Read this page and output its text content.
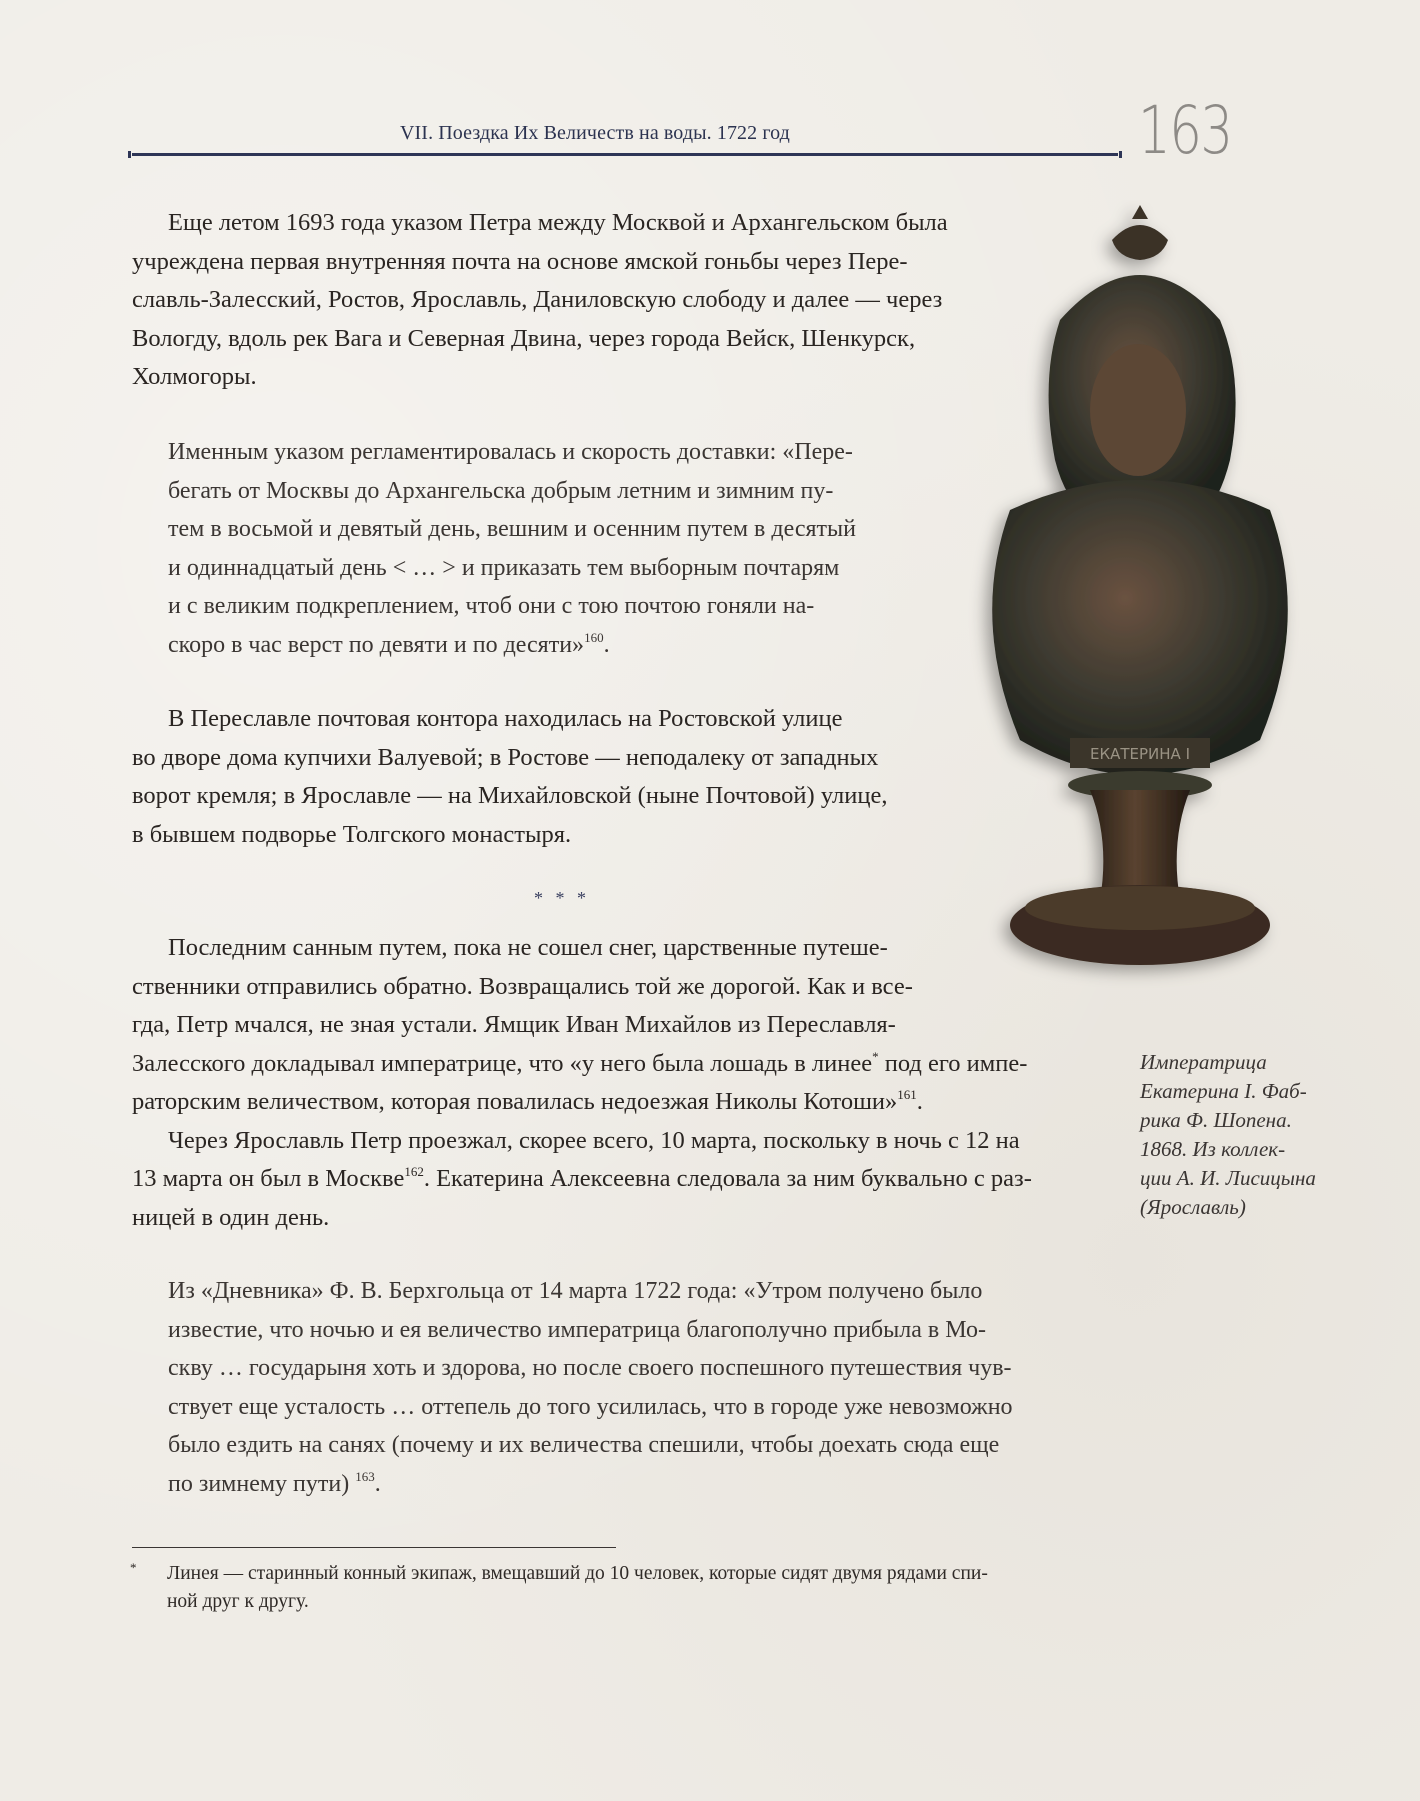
VII. Поездка Их Величеств на воды. 1722 год	163

Еще летом 1693 года указом Петра между Москвой и Архангельском была
учреждена первая внутренняя почта на основе ямской гоньбы через Пере-
славль-Залесский, Ростов, Ярославль, Даниловскую слободу и далее — через
Вологду, вдоль рек Вага и Северная Двина, через города Вейск, Шенкурск,
Холмогоры.

Именным указом регламентировалась и скорость доставки: «Пере-
бегать от Москвы до Архангельска добрым летним и зимним пу-
тем в восьмой и девятый день, вешним и осенним путем в десятый
и одиннадцатый день < … > и приказать тем выборным почтарям
и с великим подкреплением, чтоб они с тою почтою гоняли на-
скоро в час верст по девяти и по десяти»$^{160}$.

В Переславле почтовая контора находилась на Ростовской улице
во дворе дома купчихи Валуевой; в Ростове — неподалеку от западных
ворот кремля; в Ярославле — на Михайловской (ныне Почтовой) улице,
в бывшем подворье Толгского монастыря.

* * *

Последним санным путем, пока не сошел снег, царственные путеше-
ственники отправились обратно. Возвращались той же дорогой. Как и все-
гда, Петр мчался, не зная устали. Ямщик Иван Михайлов из Переславля-
Залесского докладывал императрице, что «у него была лошадь в линее* под его импе-
раторским величеством, которая повалилась недоезжая Николы Котоши»$^{161}$.
Через Ярославль Петр проезжал, скорее всего, 10 марта, поскольку в ночь с 12 на
13 марта он был в Москве$^{162}$. Екатерина Алексеевна следовала за ним буквально с раз-
ницей в один день.

Из «Дневника» Ф. В. Берхгольца от 14 марта 1722 года: «Утром получено было
известие, что ночью и ея величество императрица благополучно прибыла в Мо-
скву … государыня хоть и здорова, но после своего поспешного путешествия чув-
ствует еще усталость … оттепель до того усилилась, что в городе уже невозможно
было ездить на санях (почему и их величества спешили, чтобы доехать сюда еще
по зимнему пути) $^{163}$.

ЕКАТЕРИНА I
Императрица
Екатерина I. Фаб-
рика Ф. Шопена.
1868. Из коллек-
ции А. И. Лисицына
(Ярославль)
* Линея — старинный конный экипаж, вмещавший до 10 человек, которые сидят двумя рядами спи-
ной друг к другу.
